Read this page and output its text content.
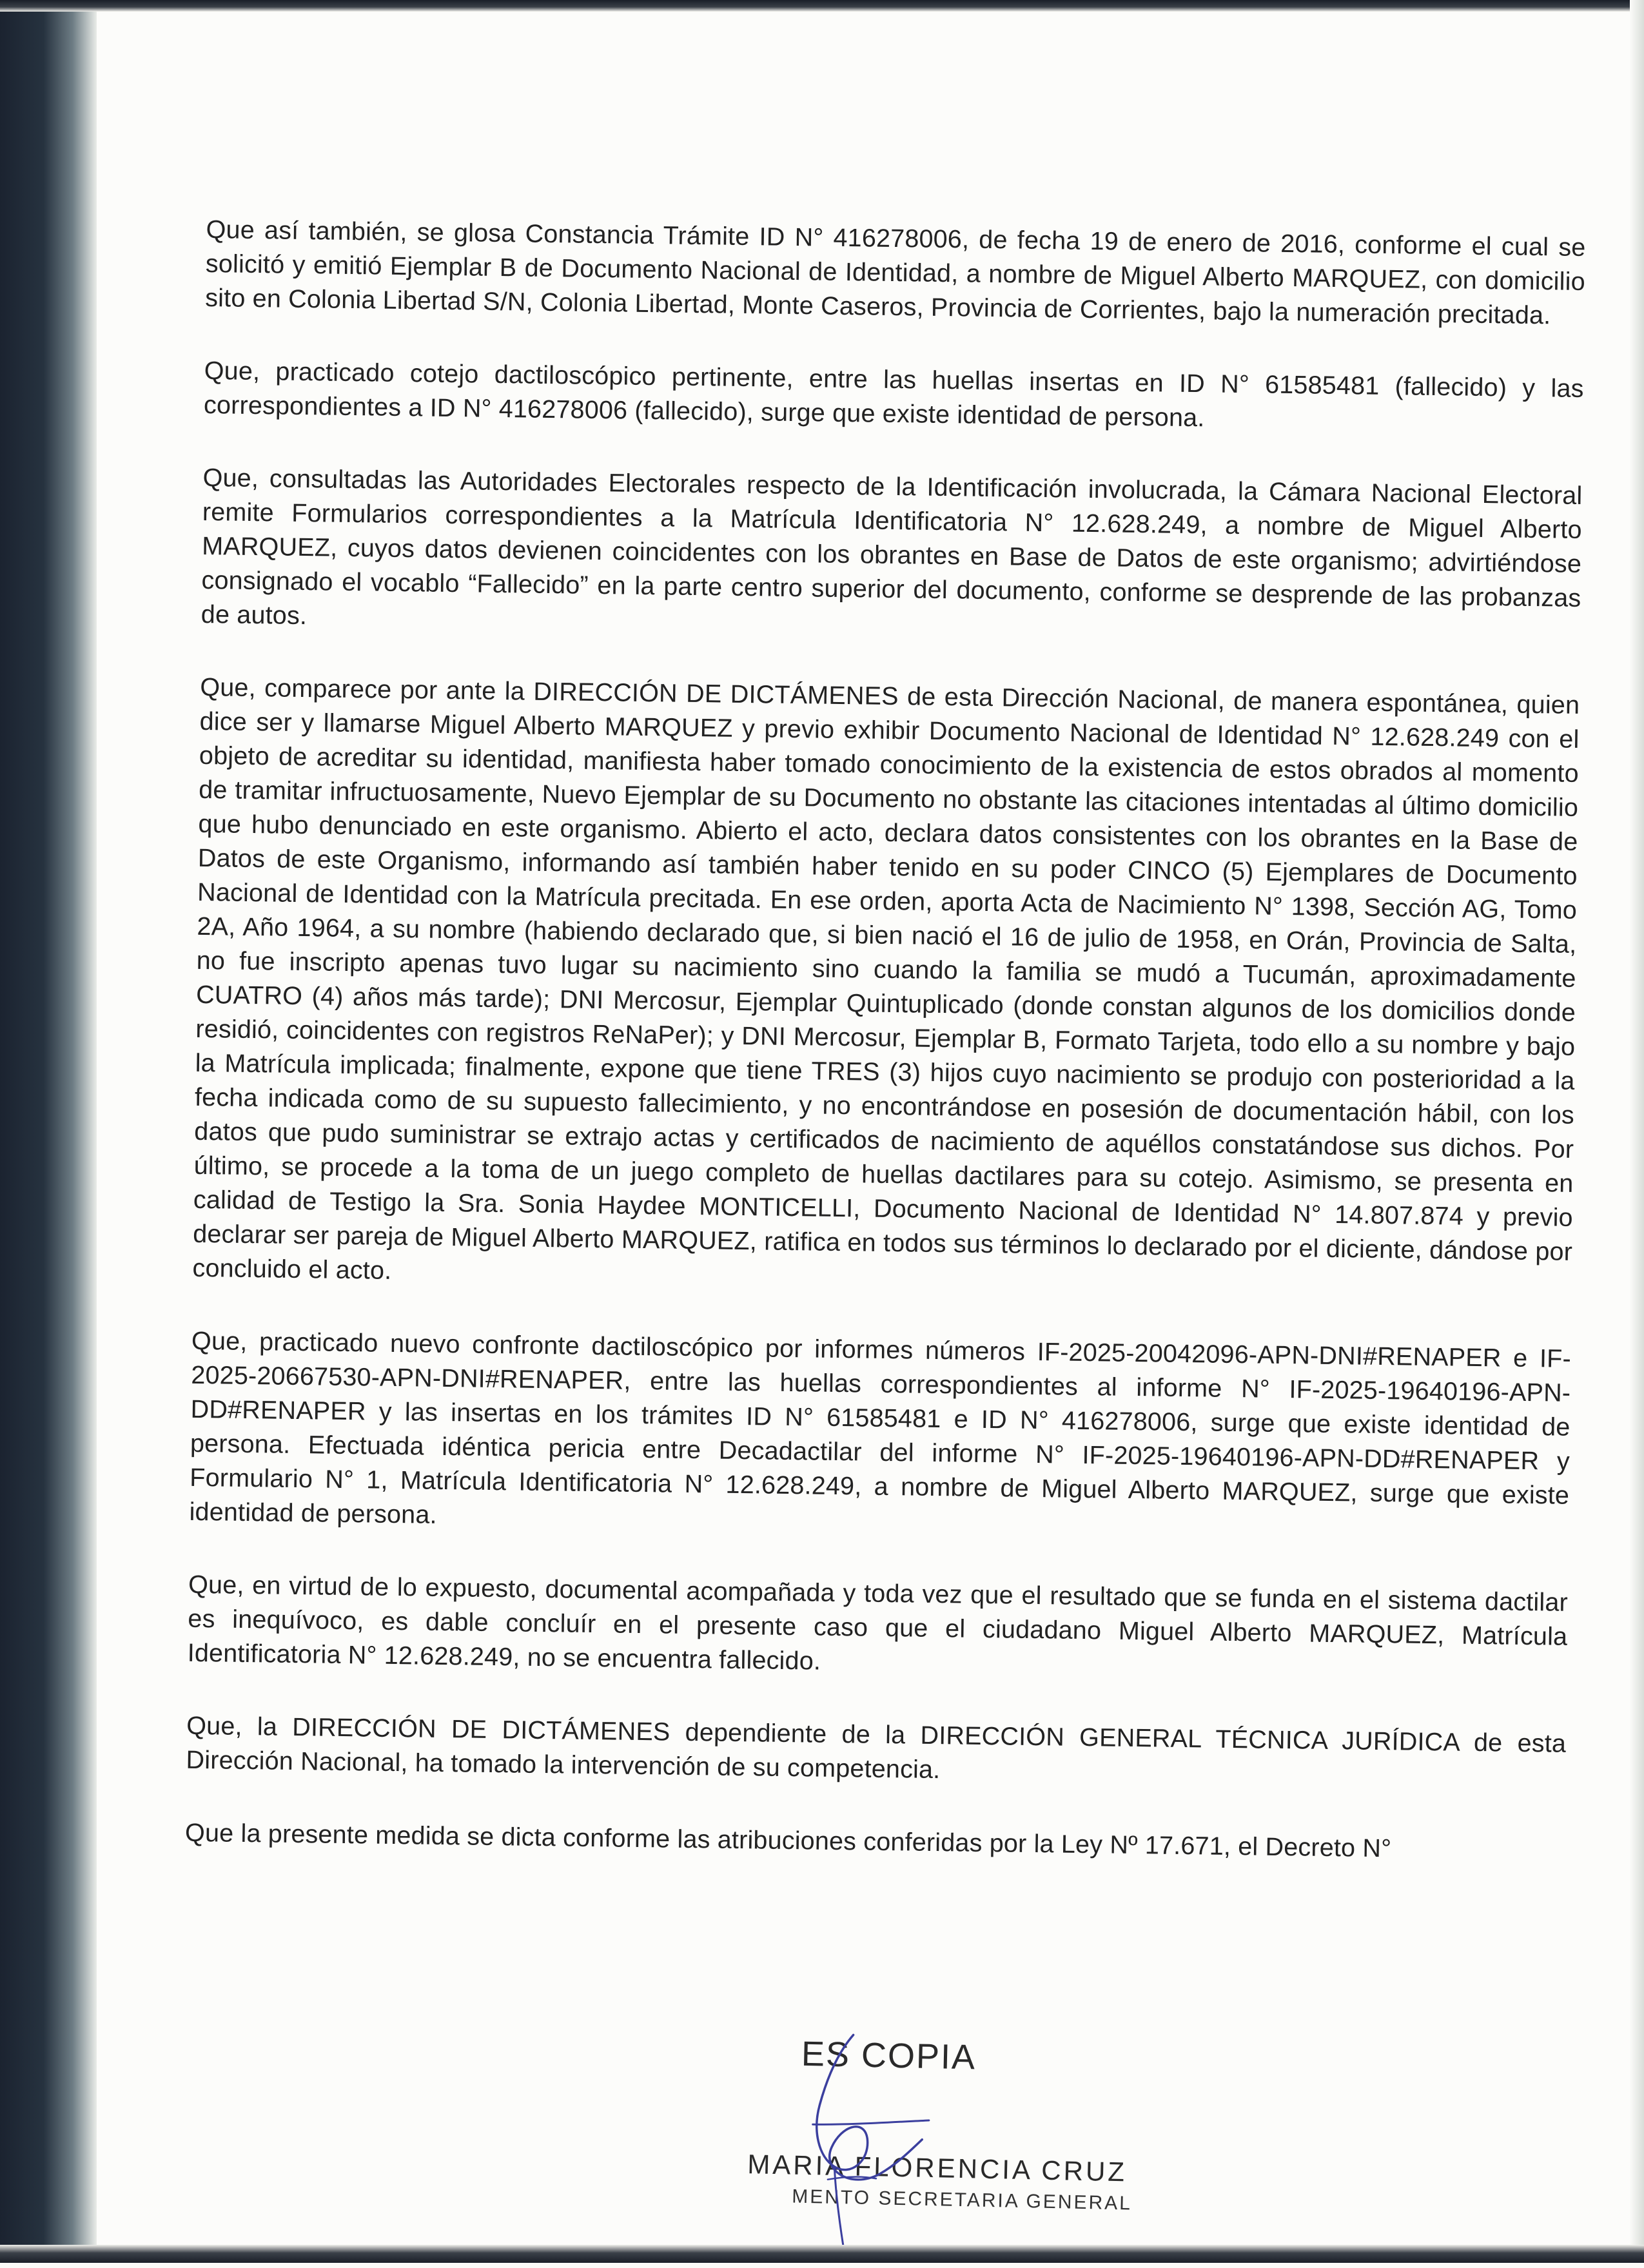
Que así también, se glosa Constancia Trámite ID N° 416278006, de fecha 19 de enero de 2016, conforme el cual se solicitó y emitió Ejemplar B de Documento Nacional de Identidad, a nombre de Miguel Alberto MARQUEZ, con domicilio sito en Colonia Libertad S/N, Colonia Libertad, Monte Caseros, Provincia de Corrientes, bajo la numeración precitada.

Que, practicado cotejo dactiloscópico pertinente, entre las huellas insertas en ID N° 61585481 (fallecido) y las correspondientes a ID N° 416278006 (fallecido), surge que existe identidad de persona.

Que, consultadas las Autoridades Electorales respecto de la Identificación involucrada, la Cámara Nacional Electoral remite Formularios correspondientes a la Matrícula Identificatoria N° 12.628.249, a nombre de Miguel Alberto MARQUEZ, cuyos datos devienen coincidentes con los obrantes en Base de Datos de este organismo; advirtiéndose consignado el vocablo “Fallecido” en la parte centro superior del documento, conforme se desprende de las probanzas de autos.

Que, comparece por ante la DIRECCIÓN DE DICTÁMENES de esta Dirección Nacional, de manera espontánea, quien dice ser y llamarse Miguel Alberto MARQUEZ y previo exhibir Documento Nacional de Identidad N° 12.628.249 con el objeto de acreditar su identidad, manifiesta haber tomado conocimiento de la existencia de estos obrados al momento de tramitar infructuosamente, Nuevo Ejemplar de su Documento no obstante las citaciones intentadas al último domicilio que hubo denunciado en este organismo. Abierto el acto, declara datos consistentes con los obrantes en la Base de Datos de este Organismo, informando así también haber tenido en su poder CINCO (5) Ejemplares de Documento Nacional de Identidad con la Matrícula precitada. En ese orden, aporta Acta de Nacimiento N° 1398, Sección AG, Tomo 2A, Año 1964, a su nombre (habiendo declarado que, si bien nació el 16 de julio de 1958, en Orán, Provincia de Salta, no fue inscripto apenas tuvo lugar su nacimiento sino cuando la familia se mudó a Tucumán, aproximadamente CUATRO (4) años más tarde); DNI Mercosur, Ejemplar Quintuplicado (donde constan algunos de los domicilios donde residió, coincidentes con registros ReNaPer); y DNI Mercosur, Ejemplar B, Formato Tarjeta, todo ello a su nombre y bajo la Matrícula implicada; finalmente, expone que tiene TRES (3) hijos cuyo nacimiento se produjo con posterioridad a la fecha indicada como de su supuesto fallecimiento, y no encontrándose en posesión de documentación hábil, con los datos que pudo suministrar se extrajo actas y certificados de nacimiento de aquéllos constatándose sus dichos. Por último, se procede a la toma de un juego completo de huellas dactilares para su cotejo. Asimismo, se presenta en calidad de Testigo la Sra. Sonia Haydee MONTICELLI, Documento Nacional de Identidad N° 14.807.874 y previo declarar ser pareja de Miguel Alberto MARQUEZ, ratifica en todos sus términos lo declarado por el diciente, dándose por concluido el acto.

Que, practicado nuevo confronte dactiloscópico por informes números IF-2025-20042096-APN-DNI#RENAPER e IF-2025-20667530-APN-DNI#RENAPER, entre las huellas correspondientes al informe N° IF-2025-19640196-APN-DD#RENAPER y las insertas en los trámites ID N° 61585481 e ID N° 416278006, surge que existe identidad de persona. Efectuada idéntica pericia entre Decadactilar del informe N° IF-2025-19640196-APN-DD#RENAPER y Formulario N° 1, Matrícula Identificatoria N° 12.628.249, a nombre de Miguel Alberto MARQUEZ, surge que existe identidad de persona.

Que, en virtud de lo expuesto, documental acompañada y toda vez que el resultado que se funda en el sistema dactilar es inequívoco, es dable concluír en el presente caso que el ciudadano Miguel Alberto MARQUEZ, Matrícula Identificatoria N° 12.628.249, no se encuentra fallecido.

Que, la DIRECCIÓN DE DICTÁMENES dependiente de la DIRECCIÓN GENERAL TÉCNICA JURÍDICA de esta Dirección Nacional, ha tomado la intervención de su competencia.

Que la presente medida se dicta conforme las atribuciones conferidas por la Ley Nº 17.671, el Decreto N°

ES COPIA
MARIA FLORENCIA CRUZ
MENTO SECRETARIA GENERAL
